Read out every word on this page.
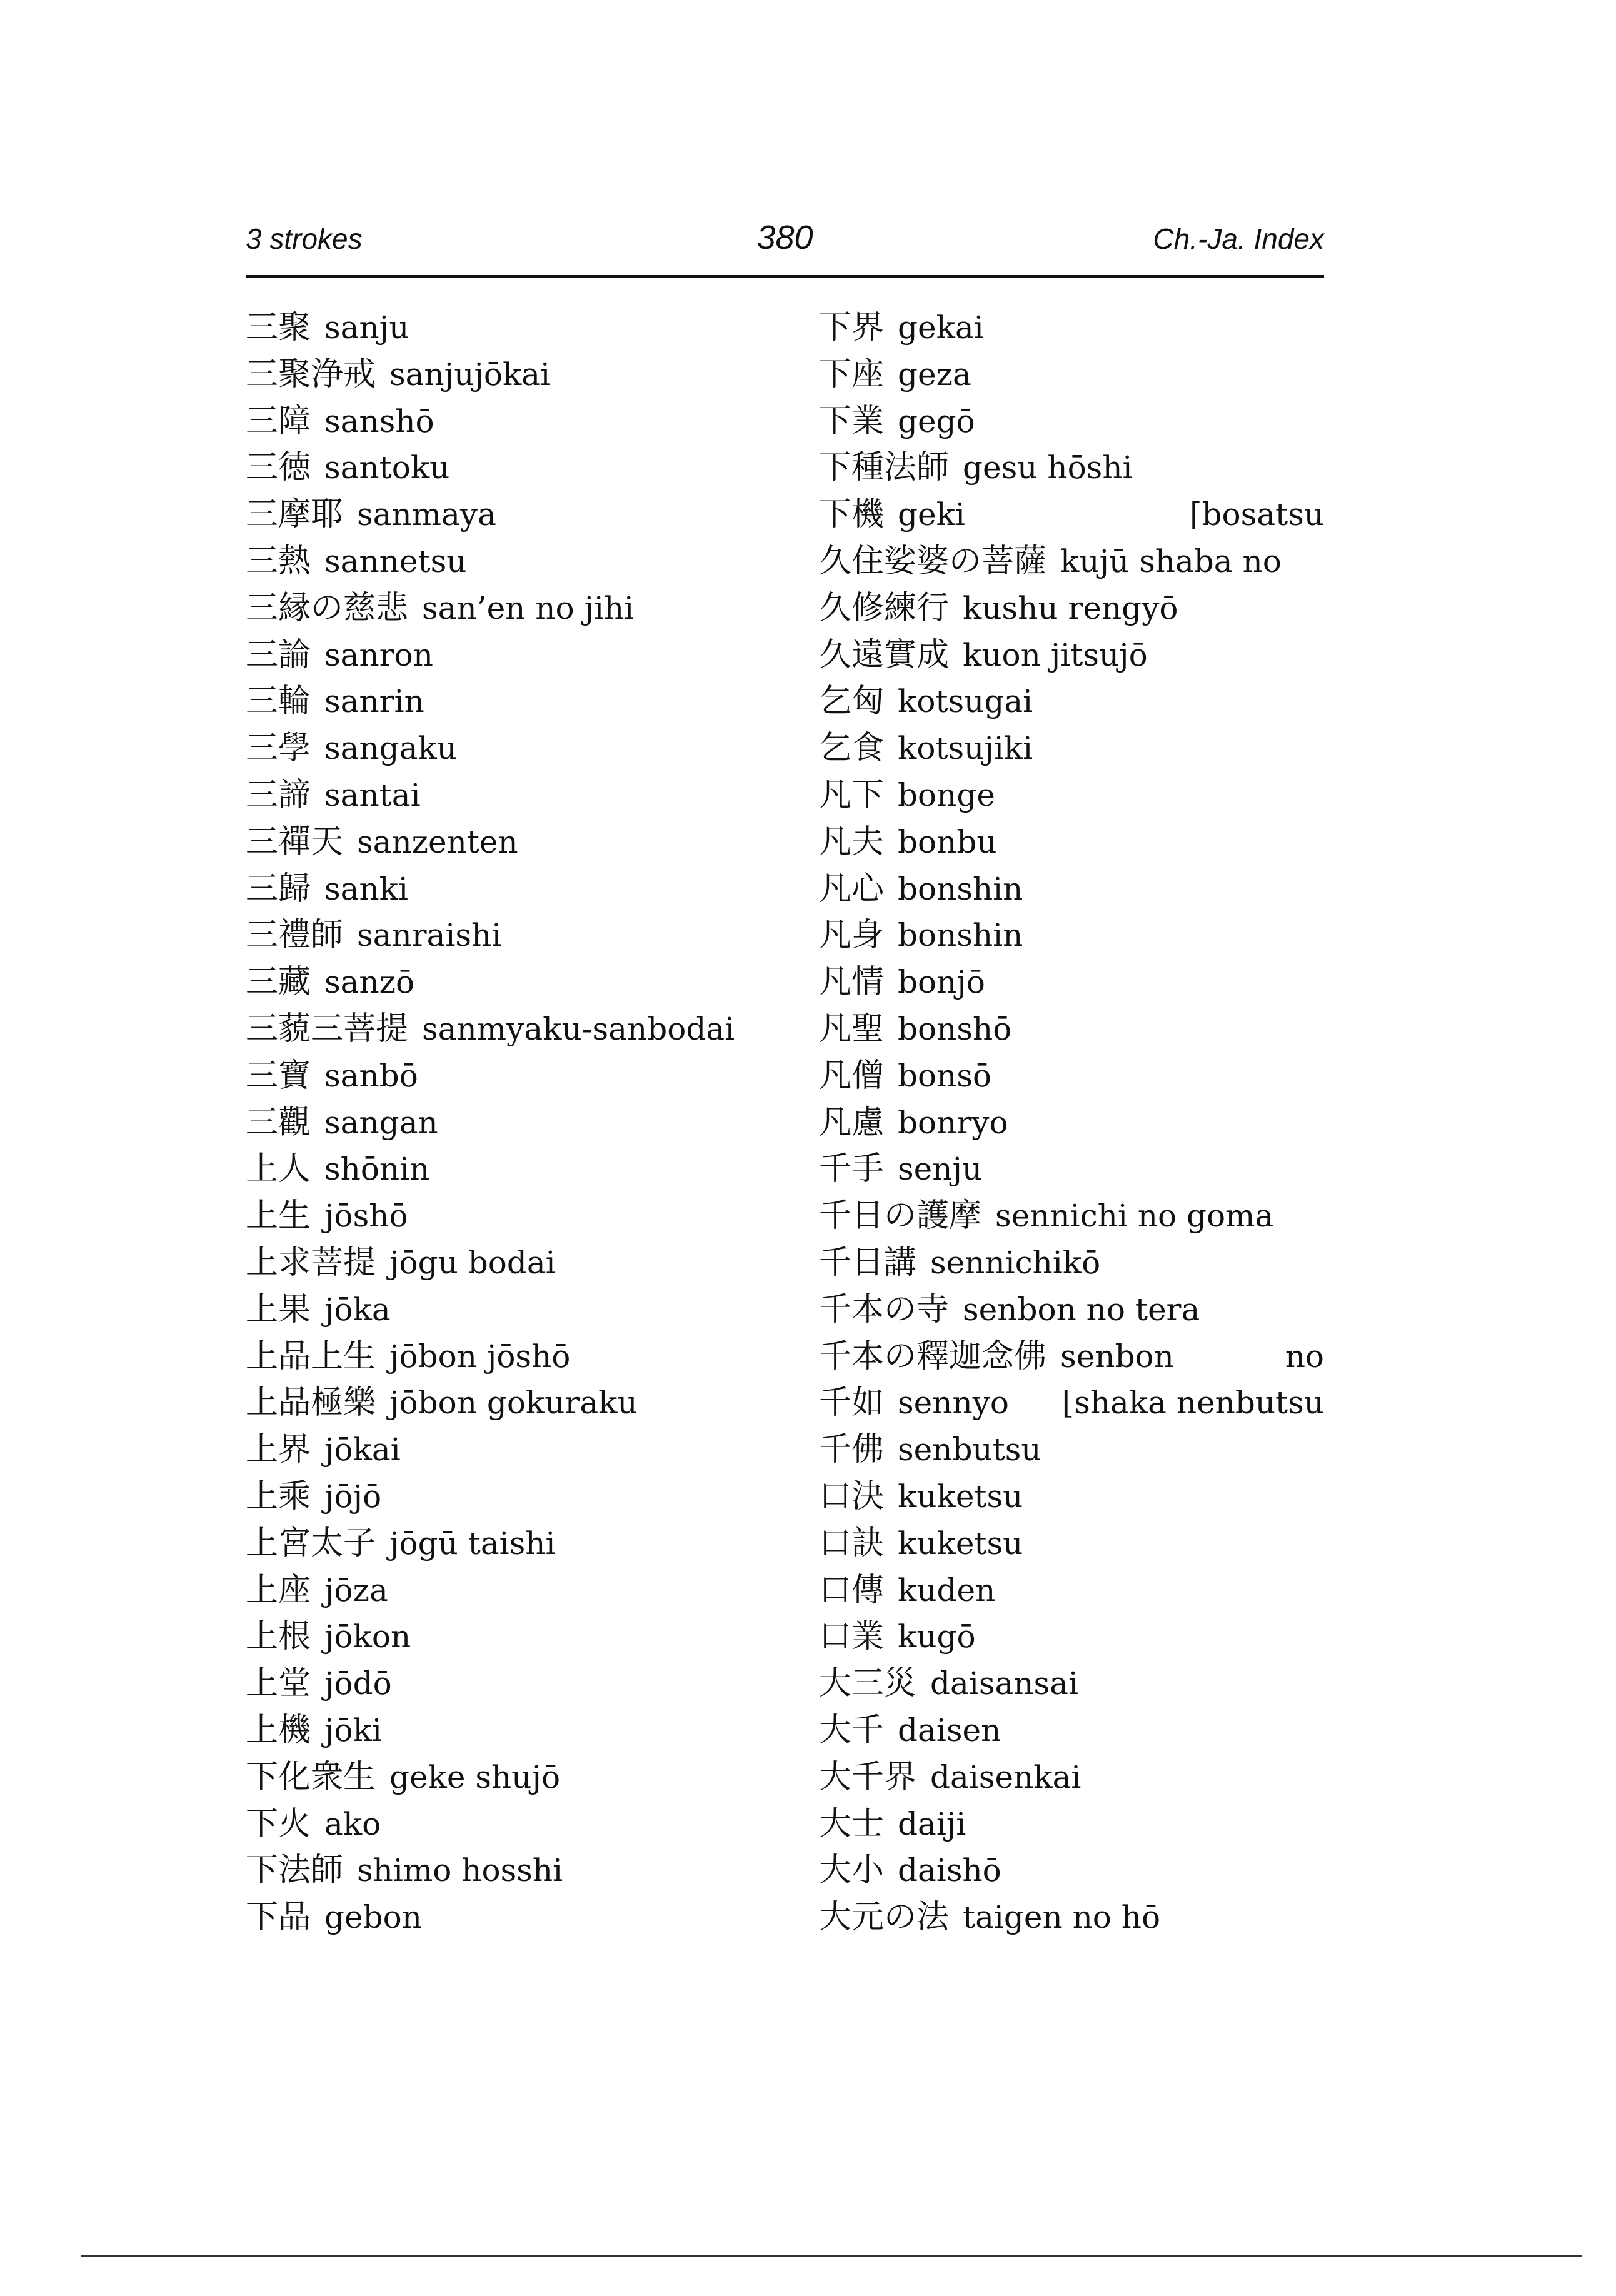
3 strokes	380	Ch.-Ja. Index
三聚 sanju
三聚浄戒 sanjujōkai
三障 sanshō
三徳 santoku
三摩耶 sanmaya
三熱 sannetsu
三縁の慈悲 san’en no jihi
三論 sanron
三輪 sanrin
三學 sangaku
三諦 santai
三禪天 sanzenten
三歸 sanki
三禮師 sanraishi
三藏 sanzō
三藐三菩提 sanmyaku-sanbodai
三寶 sanbō
三觀 sangan
上人 shōnin
上生 jōshō
上求菩提 jōgu bodai
上果 jōka
上品上生 jōbon jōshō
上品極樂 jōbon gokuraku
上界 jōkai
上乘 jōjō
上宮太子 jōgū taishi
上座 jōza
上根 jōkon
上堂 jōdō
上機 jōki
下化衆生 geke shujō
下火 ako
下法師 shimo hosshi
下品 gebon
下界 gekai
下座 geza
下業 gegō
下種法師 gesu hōshi
下機 geki	⌈bosatsu
久住娑婆の菩薩 kujū shaba no
久修練行 kushu rengyō
久遠實成 kuon jitsujō
乞匈 kotsugai
乞食 kotsujiki
凡下 bonge
凡夫 bonbu
凡心 bonshin
凡身 bonshin
凡情 bonjō
凡聖 bonshō
凡僧 bonsō
凡慮 bonryo
千手 senju
千日の護摩 sennichi no goma
千日講 sennichikō
千本の寺 senbon no tera
千本の釋迦念佛 senbon	no
千如 sennyo ⌊shaka nenbutsu
千佛 senbutsu
口決 kuketsu
口訣 kuketsu
口傳 kuden
口業 kugō
大三災 daisansai
大千 daisen
大千界 daisenkai
大士 daiji
大小 daishō
大元の法 taigen no hō
